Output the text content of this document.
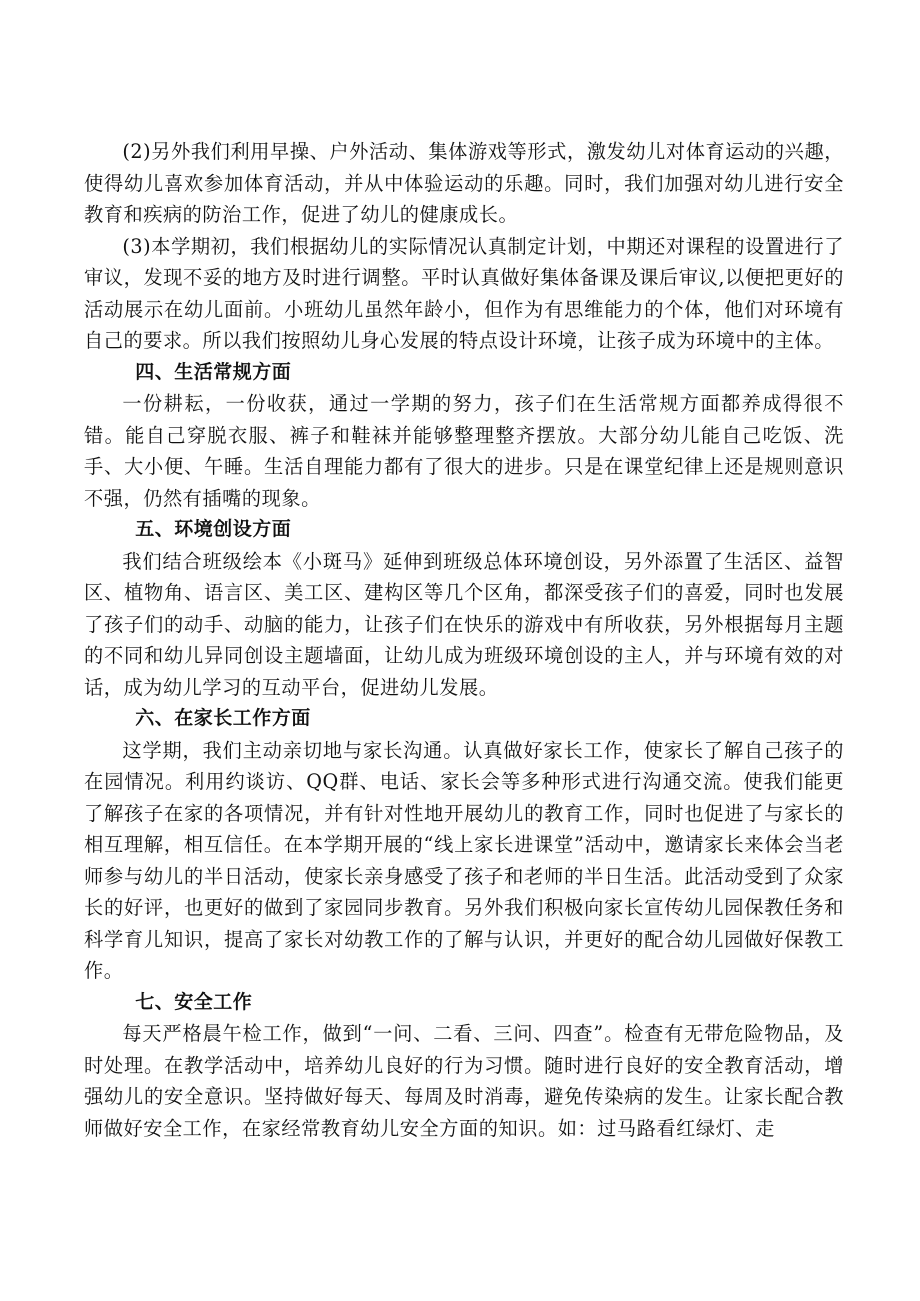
(2)另外我们利用早操、户外活动、集体游戏等形式，激发幼儿对体育运动的兴趣，使得幼儿喜欢参加体育活动，并从中体验运动的乐趣。同时，我们加强对幼儿进行安全教育和疾病的防治工作，促进了幼儿的健康成长。

(3)本学期初，我们根据幼儿的实际情况认真制定计划，中期还对课程的设置进行了审议，发现不妥的地方及时进行调整。平时认真做好集体备课及课后审议,以便把更好的活动展示在幼儿面前。小班幼儿虽然年龄小，但作为有思维能力的个体，他们对环境有自己的要求。所以我们按照幼儿身心发展的特点设计环境，让孩子成为环境中的主体。

四、生活常规方面

一份耕耘，一份收获，通过一学期的努力，孩子们在生活常规方面都养成得很不错。能自己穿脱衣服、裤子和鞋袜并能够整理整齐摆放。大部分幼儿能自己吃饭、洗手、大小便、午睡。生活自理能力都有了很大的进步。只是在课堂纪律上还是规则意识不强，仍然有插嘴的现象。

五、环境创设方面

我们结合班级绘本《小斑马》延伸到班级总体环境创设，另外添置了生活区、益智区、植物角、语言区、美工区、建构区等几个区角，都深受孩子们的喜爱，同时也发展了孩子们的动手、动脑的能力，让孩子们在快乐的游戏中有所收获，另外根据每月主题的不同和幼儿异同创设主题墙面，让幼儿成为班级环境创设的主人，并与环境有效的对话，成为幼儿学习的互动平台，促进幼儿发展。

六、在家长工作方面

这学期，我们主动亲切地与家长沟通。认真做好家长工作，使家长了解自己孩子的在园情况。利用约谈访、QQ群、电话、家长会等多种形式进行沟通交流。使我们能更了解孩子在家的各项情况，并有针对性地开展幼儿的教育工作，同时也促进了与家长的相互理解，相互信任。在本学期开展的“线上家长进课堂”活动中，邀请家长来体会当老师参与幼儿的半日活动，使家长亲身感受了孩子和老师的半日生活。此活动受到了众家长的好评，也更好的做到了家园同步教育。另外我们积极向家长宣传幼儿园保教任务和科学育儿知识，提高了家长对幼教工作的了解与认识，并更好的配合幼儿园做好保教工作。

七、安全工作

每天严格晨午检工作，做到“一问、二看、三问、四查”。检查有无带危险物品，及时处理。在教学活动中，培养幼儿良好的行为习惯。随时进行良好的安全教育活动，增强幼儿的安全意识。坚持做好每天、每周及时消毒，避免传染病的发生。让家长配合教师做好安全工作，在家经常教育幼儿安全方面的知识。如：过马路看红绿灯、走
